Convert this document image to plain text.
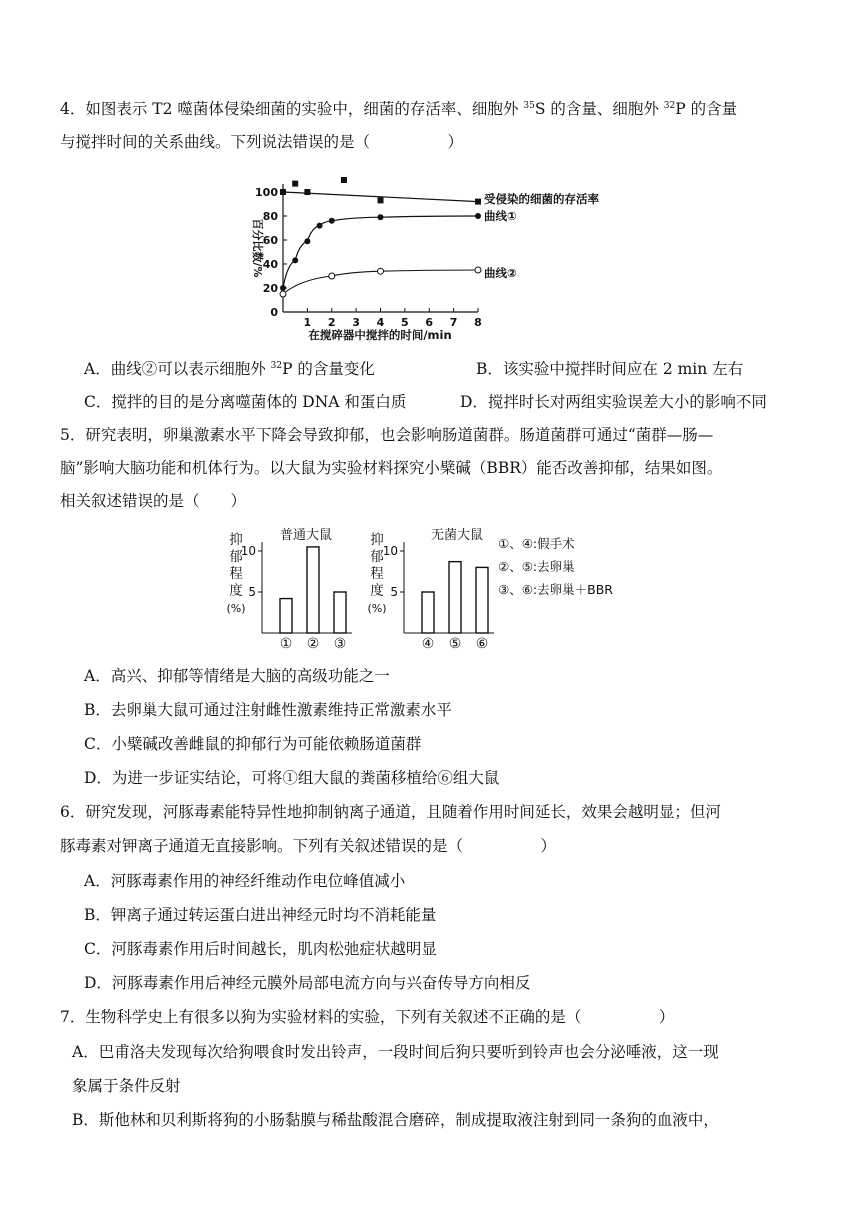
4．如图表示 T2 噬菌体侵染细菌的实验中，细菌的存活率、细胞外 $^{35}$S 的含量、细胞外 $^{32}$P 的含量
与搅拌时间的关系曲线。下列说法错误的是（　　　　　）
百分比数/%
在搅碎器中搅拌的时间/min
0
20
40
60
80
100
1 2 3 4 5 6 7 8
受侵染的细菌的存活率
曲线①
曲线②
A．曲线②可以表示细胞外 $^{32}$P 的含量变化	B．该实验中搅拌时间应在 2 min 左右
C．搅拌的目的是分离噬菌体的 DNA 和蛋白质	D．搅拌时长对两组实验误差大小的影响不同
5．研究表明，卵巢激素水平下降会导致抑郁，也会影响肠道菌群。肠道菌群可通过“菌群—肠—
脑”影响大脑功能和机体行为。以大鼠为实验材料探究小檗碱（BBR）能否改善抑郁，结果如图。
相关叙述错误的是（　　）
抑
郁
程
度
(%)
抑
郁
程
度
(%)
普通大鼠	无菌大鼠
10
5
10
5
① ② ③	④ ⑤ ⑥
①、④:假手术
②、⑤:去卵巢
③、⑥:去卵巢＋BBR
A．高兴、抑郁等情绪是大脑的高级功能之一
B．去卵巢大鼠可通过注射雌性激素维持正常激素水平
C．小檗碱改善雌鼠的抑郁行为可能依赖肠道菌群
D．为进一步证实结论，可将①组大鼠的粪菌移植给⑥组大鼠
6．研究发现，河豚毒素能特异性地抑制钠离子通道，且随着作用时间延长，效果会越明显；但河
豚毒素对钾离子通道无直接影响。下列有关叙述错误的是（　　　　　）
A．河豚毒素作用的神经纤维动作电位峰值减小
B．钾离子通过转运蛋白进出神经元时均不消耗能量
C．河豚毒素作用后时间越长，肌肉松弛症状越明显
D．河豚毒素作用后神经元膜外局部电流方向与兴奋传导方向相反
7．生物科学史上有很多以狗为实验材料的实验，下列有关叙述不正确的是（　　　　　）
A．巴甫洛夫发现每次给狗喂食时发出铃声，一段时间后狗只要听到铃声也会分泌唾液，这一现
象属于条件反射
B．斯他林和贝利斯将狗的小肠黏膜与稀盐酸混合磨碎，制成提取液注射到同一条狗的血液中，
